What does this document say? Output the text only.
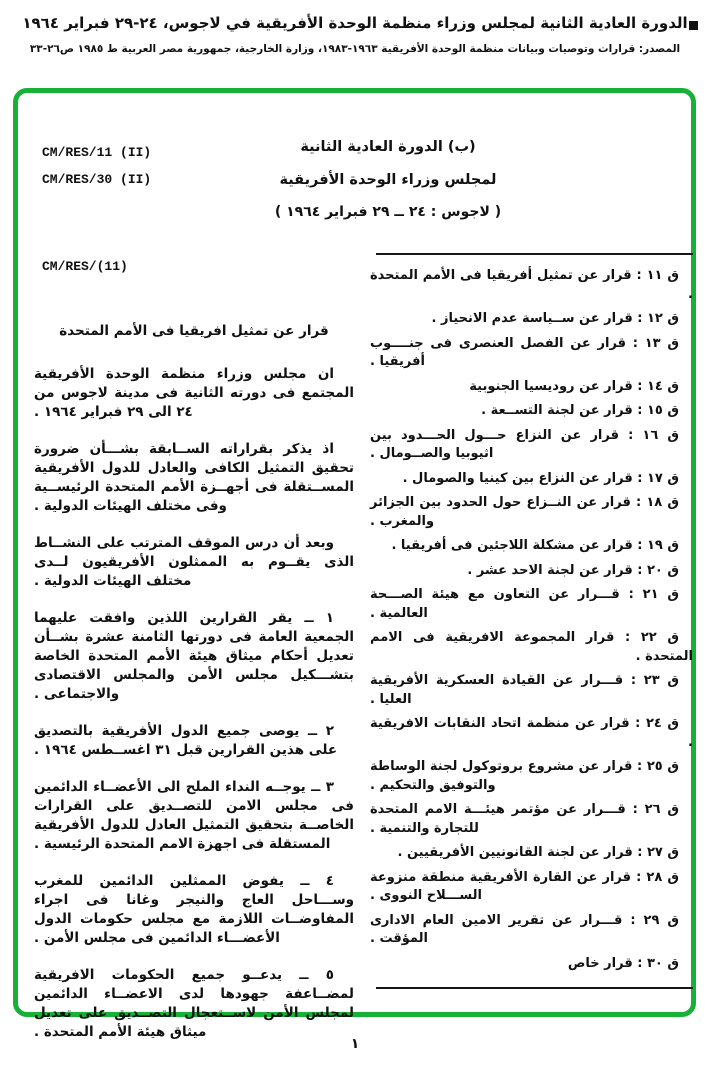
الدورة العادية الثانية لمجلس وزراء منظمة الوحدة الأفريقية في لاجوس، ٢٤-٢٩ فبراير ١٩٦٤
المصدر: قرارات وتوصيات وبيانات منظمة الوحدة الأفريقية ١٩٦٣-١٩٨٣، وزارة الخارجية، جمهورية مصر العربية ط ١٩٨٥ ص٢٦-٣٣
CM/RES/11 (II)
CM/RES/30 (II)
(ب) الدورة العادية الثانية
لمجلس وزراء الوحدة الأفريقية
( لاجوس : ٢٤ ــ ٢٩ فبراير ١٩٦٤ )
CM/RES/(11)
ق ١١ : قرار عن تمثيل أفريقيا فى الأمم المتحدة .
ق ١٢ : قرار عن ســياسة عدم الانحياز .
ق ١٣ : قرار عن الفصل العنصرى فى جنــــوب أفريقيا .
ق ١٤ : قرار عن روديسيا الجنوبية
ق ١٥ : قرار عن لجنة التســعة .
ق ١٦ : قرار عن النزاع حـــول الحـــدود بين اثيوبيا والصــومال .
ق ١٧ : قرار عن النزاع بين كينيا والصومال .
ق ١٨ : قرار عن النــزاع حول الحدود بين الجزائر والمغرب .
ق ١٩ : قرار عن مشكلة اللاجئين فى أفريقيا .
ق ٢٠ : قرار عن لجنة الاحد عشر .
ق ٢١ : قـــرار عن التعاون مع هيئة الصـــحة العالمية .
ق ٢٢ : قرار المجموعة الافريقية فى الامم المتحدة .
ق ٢٣ : قـــرار عن القيادة العسكرية الأفريقية العليا .
ق ٢٤ : قرار عن منظمة اتحاد النقابات الافريقية .
ق ٢٥ : قرار عن مشروع بروتوكول لجنة الوساطة والتوفيق والتحكيم .
ق ٢٦ : قـــرار عن مؤتمر هيئـــة الامم المتحدة للتجارة والتنمية .
ق ٢٧ : قرار عن لجنة القانونيين الأفريقيين .
ق ٢٨ : قرار عن القارة الأفريقية منطقة منزوعة الســـلاح النووى .
ق ٢٩ : قـــرار عن تقرير الامين العام الادارى المؤقت .
ق ٣٠ : قرار خاص
قرار عن تمثيل افريقيا فى الأمم المتحدة
ان مجلس وزراء منظمة الوحدة الأفريقية المجتمع فى دورته الثانية فى مدينة لاجوس من ٢٤ الى ٢٩ فبراير ١٩٦٤ .
اذ يذكر بقراراته الســابقة بشـــأن ضرورة تحقيق التمثيل الكافى والعادل للدول الأفريقية المســتقلة فى أجهــزة الأمم المتحدة الرئيســية وفى مختلف الهيئات الدولية .
وبعد أن درس الموقف المترتب على النشــاط الذى يقــوم به الممثلون الأفريقيون لــدى مختلف الهيئات الدولية .
١ ــ يقر القرارين اللذين وافقت عليهما الجمعية العامة فى دورتها الثامنة عشرة بشــأن تعديل أحكام ميثاق هيئة الأمم المتحدة الخاصة بتشـــكيل مجلس الأمن والمجلس الاقتصادى والاجتماعى .
٢ ــ يوصى جميع الدول الأفريقية بالتصديق على هذين القرارين قبل ٣١ اغســطس ١٩٦٤ .
٣ ــ يوجــه النداء الملح الى الأعضــاء الدائمين فى مجلس الامن للتصــديق على القرارات الخاصــة بتحقيق التمثيل العادل للدول الأفريقية المستقلة فى اجهزة الامم المتحدة الرئيسية .
٤ ــ يفوض الممثلين الدائمين للمغرب وســـاحل العاج والنيجر وغانا فى اجراء المفاوضــات اللازمة مع مجلس حكومات الدول الأعضـــاء الدائمين فى مجلس الأمن .
٥ ــ يدعــو جميع الحكومات الافريقية لمضــاعفة جهودها لدى الاعضــاء الدائمين لمجلس الأمن لاســتعجال التصــديق على تعديل ميثاق هيئة الأمم المتحدة .
١
